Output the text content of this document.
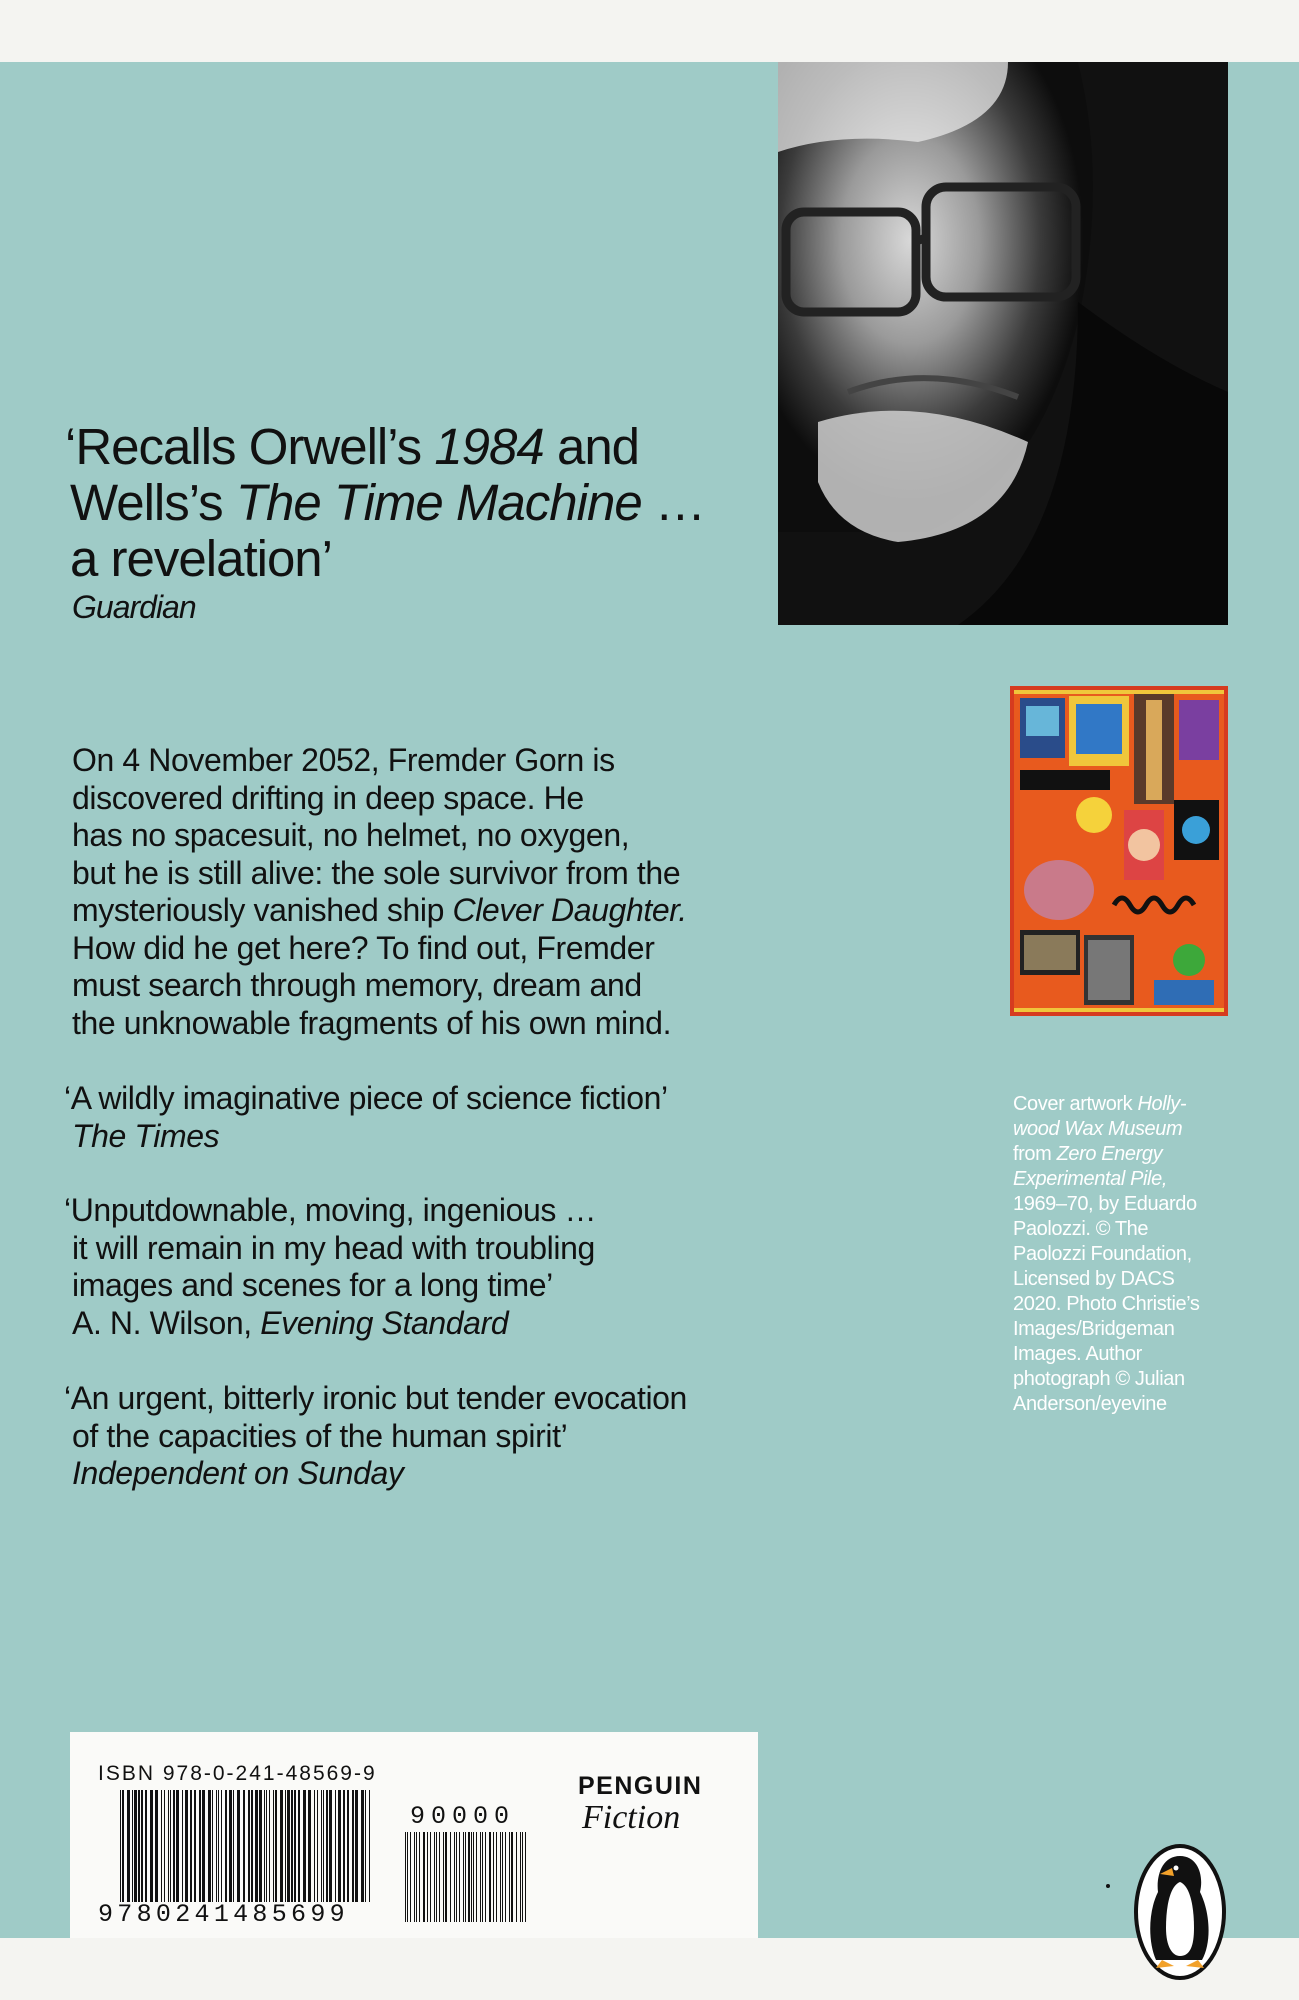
‘Recalls Orwell’s 1984 and
Wells’s The Time Machine …
a revelation’
Guardian
On 4 November 2052, Fremder Gorn is
discovered drifting in deep space. He
has no spacesuit, no helmet, no oxygen,
but he is still alive: the sole survivor from the
mysteriously vanished ship Clever Daughter.
How did he get here? To find out, Fremder
must search through memory, dream and
the unknowable fragments of his own mind.
‘A wildly imaginative piece of science fiction’
The Times
‘Unputdownable, moving, ingenious …
it will remain in my head with troubling
images and scenes for a long time’
A. N. Wilson, Evening Standard
‘An urgent, bitterly ironic but tender evocation
of the capacities of the human spirit’
Independent on Sunday
Cover artwork Holly-
wood Wax Museum
from Zero Energy
Experimental Pile,
1969–70, by Eduardo
Paolozzi. © The
Paolozzi Foundation,
Licensed by DACS
2020. Photo Christie’s
Images/Bridgeman
Images. Author
photograph © Julian
Anderson/eyevine
ISBN 978-0-241-48569-9
9780241485699
90000
PENGUIN
Fiction
